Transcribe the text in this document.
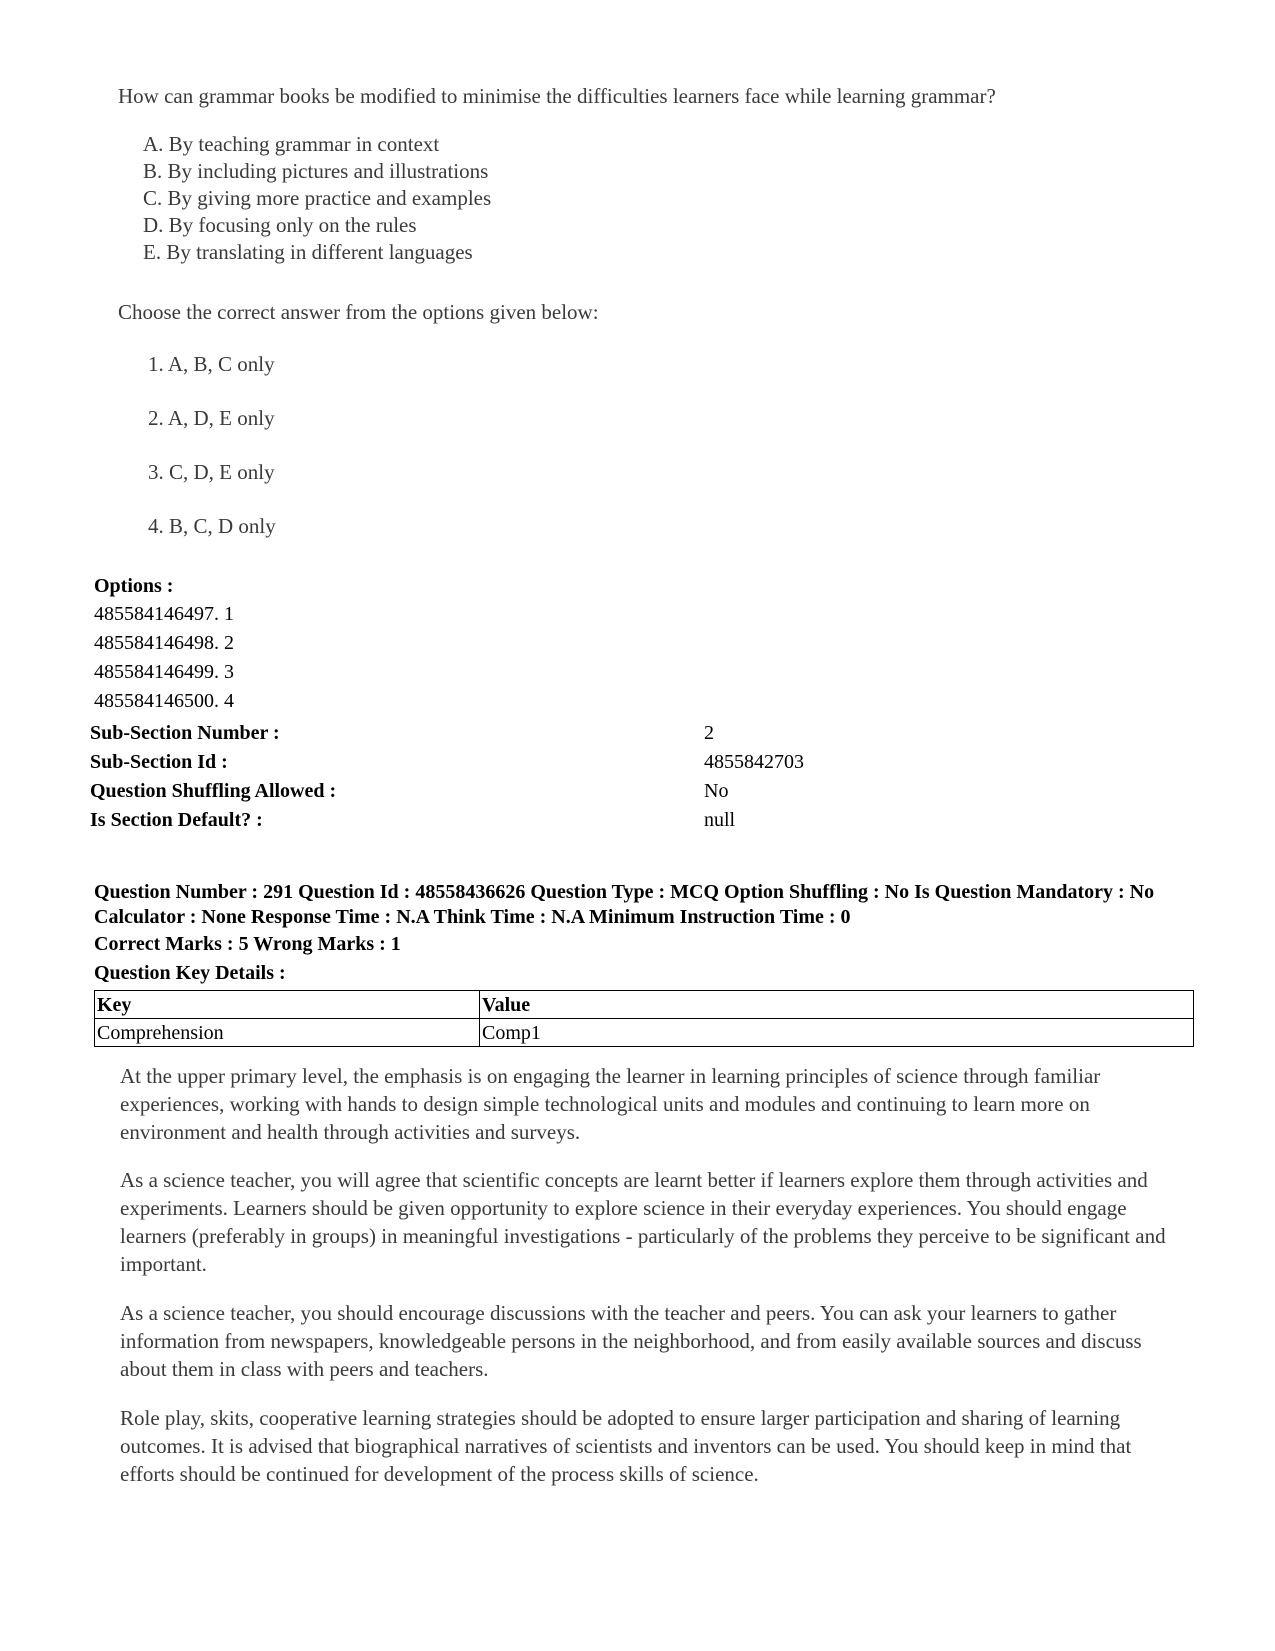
How can grammar books be modified to minimise the difficulties learners face while learning grammar?
A. By teaching grammar in context
B. By including pictures and illustrations
C. By giving more practice and examples
D. By focusing only on the rules
E. By translating in different languages
Choose the correct answer from the options given below:
1. A, B, C only
2. A, D, E only
3. C, D, E only
4. B, C, D only
Options :
485584146497. 1
485584146498. 2
485584146499. 3
485584146500. 4
Sub-Section Number :	2
Sub-Section Id :	4855842703
Question Shuffling Allowed :	No
Is Section Default? :	null
Question Number : 291 Question Id : 48558436626 Question Type : MCQ Option Shuffling : No Is Question Mandatory : No Calculator : None Response Time : N.A Think Time : N.A Minimum Instruction Time : 0
Correct Marks : 5 Wrong Marks : 1
Question Key Details :
Key	Value
Comprehension	Comp1
At the upper primary level, the emphasis is on engaging the learner in learning principles of science through familiar experiences, working with hands to design simple technological units and modules and continuing to learn more on environment and health through activities and surveys.
As a science teacher, you will agree that scientific concepts are learnt better if learners explore them through activities and experiments. Learners should be given opportunity to explore science in their everyday experiences. You should engage learners (preferably in groups) in meaningful investigations - particularly of the problems they perceive to be significant and important.
As a science teacher, you should encourage discussions with the teacher and peers. You can ask your learners to gather information from newspapers, knowledgeable persons in the neighborhood, and from easily available sources and discuss about them in class with peers and teachers.
Role play, skits, cooperative learning strategies should be adopted to ensure larger participation and sharing of learning outcomes. It is advised that biographical narratives of scientists and inventors can be used. You should keep in mind that efforts should be continued for development of the process skills of science.
